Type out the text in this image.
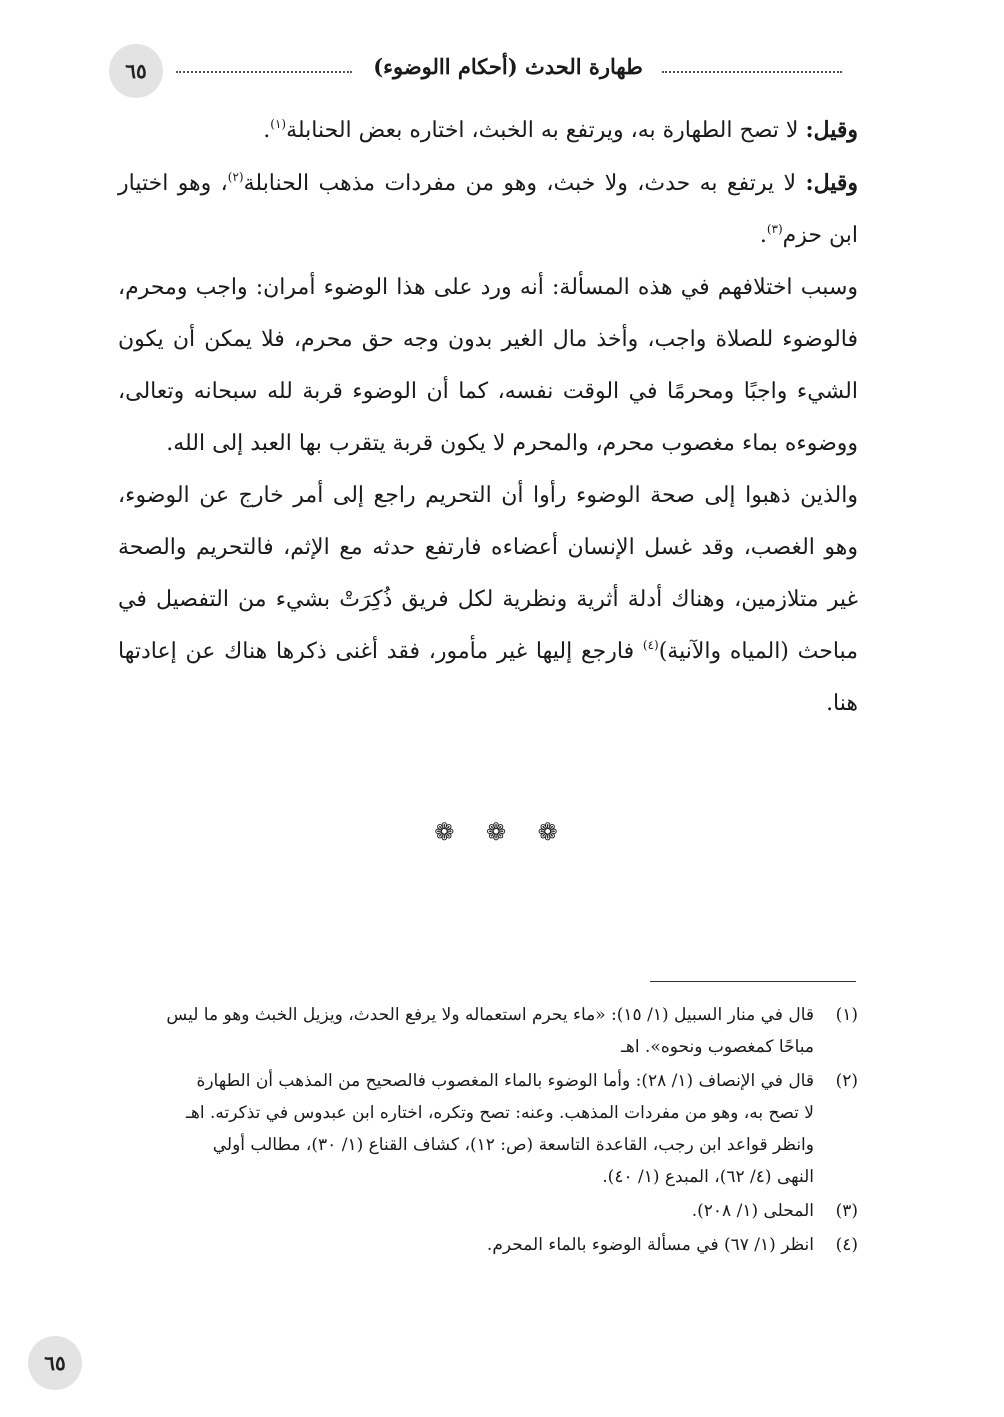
٦٥	طهارة الحدث (أحكام االوضوء)

وقيل: لا تصح الطهارة به، ويرتفع به الخبث، اختاره بعض الحنابلة$^{(١)}$.

وقيل: لا يرتفع به حدث، ولا خبث، وهو من مفردات مذهب الحنابلة$^{(٢)}$، وهو اختيار ابن حزم$^{(٣)}$.

وسبب اختلافهم في هذه المسألة: أنه ورد على هذا الوضوء أمران: واجب ومحرم، فالوضوء للصلاة واجب، وأخذ مال الغير بدون وجه حق محرم، فلا يمكن أن يكون الشيء واجبًا ومحرمًا في الوقت نفسه، كما أن الوضوء قربة لله سبحانه وتعالى، ووضوءه بماء مغصوب محرم، والمحرم لا يكون قربة يتقرب بها العبد إلى الله.

والذين ذهبوا إلى صحة الوضوء رأوا أن التحريم راجع إلى أمر خارج عن الوضوء، وهو الغصب، وقد غسل الإنسان أعضاءه فارتفع حدثه مع الإثم، فالتحريم والصحة غير متلازمين، وهناك أدلة أثرية ونظرية لكل فريق ذُكِرَتْ بشيء من التفصيل في مباحث (المياه والآنية)$^{(٤)}$ فارجع إليها غير مأمور، فقد أغنى ذكرها هناك عن إعادتها هنا.

❁ ❁ ❁
(١)
قال في منار السبيل (١/ ١٥): «ماء يحرم استعماله ولا يرفع الحدث، ويزيل الخبث وهو ما ليس
مباحًا كمغصوب ونحوه». اهـ
(٢)
قال في الإنصاف (١/ ٢٨): وأما الوضوء بالماء المغصوب فالصحيح من المذهب أن الطهارة
لا تصح به، وهو من مفردات المذهب. وعنه: تصح وتكره، اختاره ابن عبدوس في تذكرته. اهـ
وانظر قواعد ابن رجب، القاعدة التاسعة (ص: ١٢)، كشاف القناع (١/ ٣٠)، مطالب أولي
النهى (٤/ ٦٢)، المبدع (١/ ٤٠).
(٣)
المحلى (١/ ٢٠٨).
(٤)
انظر (١/ ٦٧) في مسألة الوضوء بالماء المحرم.
٦٥
